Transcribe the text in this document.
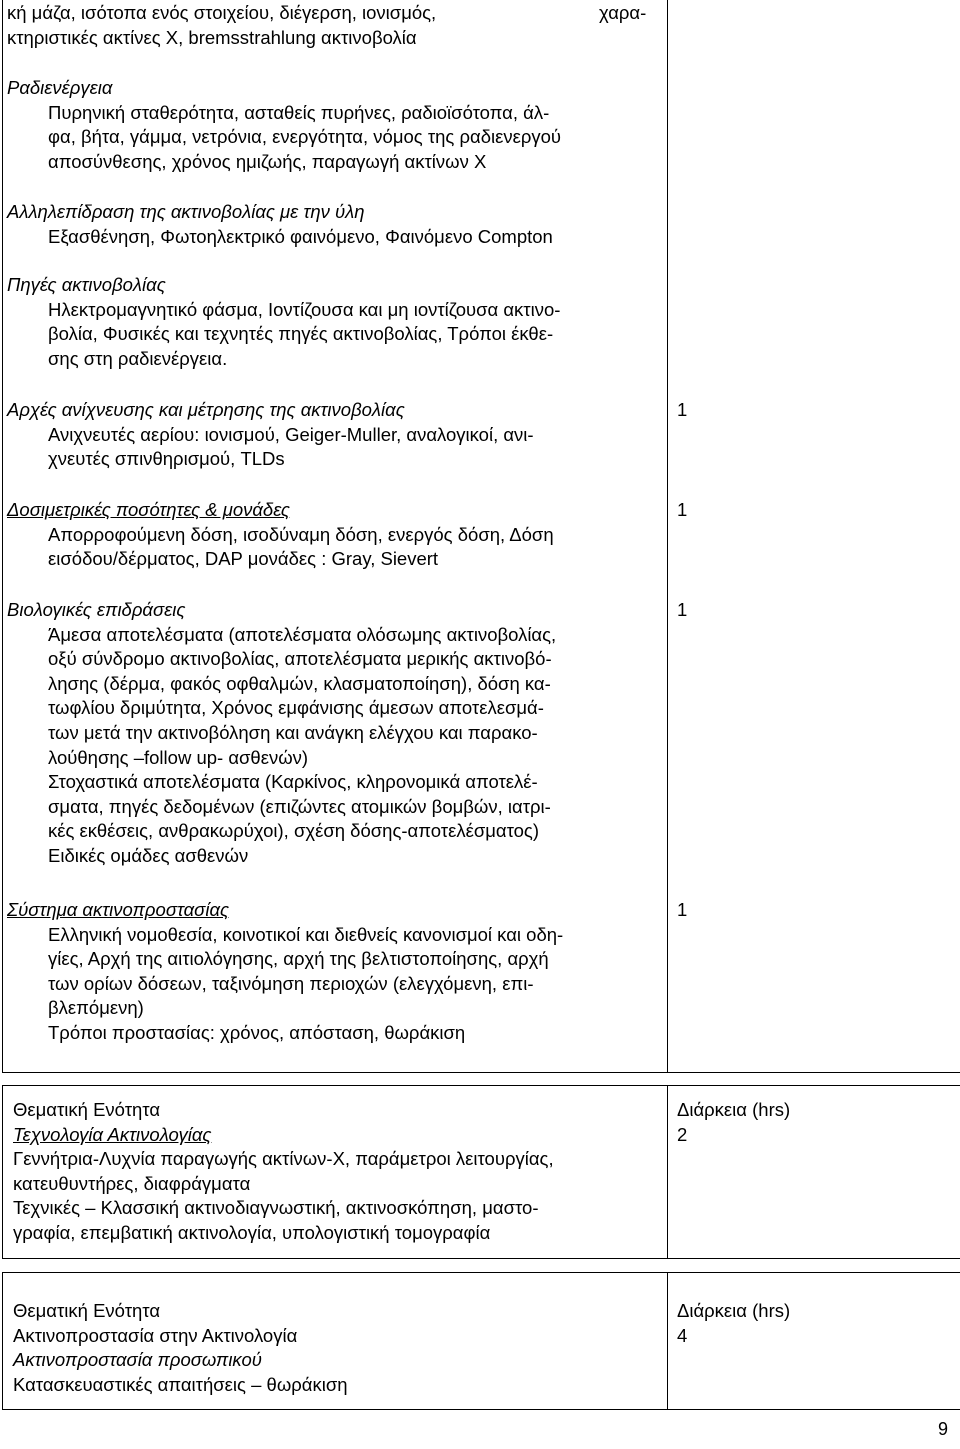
κή μάζα, ισότοπα ενός στοιχείου, διέγερση, ιονισμός,	χαρα-
κτηριστικές ακτίνες Χ, bremsstrahlung ακτινοβολία
Ραδιενέργεια
Πυρηνική σταθερότητα, ασταθείς πυρήνες, ραδιοϊσότοπα, άλ-
φα, βήτα, γάμμα, νετρόνια, ενεργότητα, νόμος της ραδιενεργού
αποσύνθεσης, χρόνος ημιζωής, παραγωγή ακτίνων Χ
Αλληλεπίδραση της ακτινοβολίας με την ύλη
Εξασθένηση, Φωτοηλεκτρικό φαινόμενο, Φαινόμενο Compton
Πηγές ακτινοβολίας
Ηλεκτρομαγνητικό φάσμα, Ιοντίζουσα και μη ιοντίζουσα ακτινο-
βολία, Φυσικές και τεχνητές πηγές ακτινοβολίας, Τρόποι έκθε-
σης στη ραδιενέργεια.
Αρχές ανίχνευσης και μέτρησης της ακτινοβολίας
Ανιχνευτές αερίου: ιονισμού, Geiger-Muller, αναλογικοί, ανι-
χνευτές σπινθηρισμού, TLDs
1
Δοσιμετρικές ποσότητες & μονάδες
Απορροφούμενη δόση, ισοδύναμη δόση, ενεργός δόση, Δόση
εισόδου/δέρματος, DAP μονάδες : Gray, Sievert
1
Βιολογικές επιδράσεις
Άμεσα αποτελέσματα (αποτελέσματα ολόσωμης ακτινοβολίας,
οξύ σύνδρομο ακτινοβολίας, αποτελέσματα μερικής ακτινοβό-
λησης (δέρμα, φακός οφθαλμών, κλασματοποίηση), δόση κα-
τωφλίου δριμύτητα, Χρόνος εμφάνισης άμεσων αποτελεσμά-
των μετά την ακτινοβόληση και ανάγκη ελέγχου και παρακο-
λούθησης –follow up- ασθενών)
Στοχαστικά αποτελέσματα (Καρκίνος, κληρονομικά αποτελέ-
σματα, πηγές δεδομένων (επιζώντες ατομικών βομβών, ιατρι-
κές εκθέσεις, ανθρακωρύχοι), σχέση δόσης-αποτελέσματος)
Ειδικές ομάδες ασθενών
1
Σύστημα ακτινοπροστασίας
Ελληνική νομοθεσία, κοινοτικοί και διεθνείς κανονισμοί και οδη-
γίες, Αρχή της αιτιολόγησης, αρχή της βελτιστοποίησης, αρχή
των ορίων δόσεων, ταξινόμηση περιοχών (ελεγχόμενη, επι-
βλεπόμενη)
Τρόποι προστασίας: χρόνος, απόσταση, θωράκιση
1
Θεματική Ενότητα
Τεχνολογία Ακτινολογίας
Γεννήτρια-Λυχνία παραγωγής ακτίνων-Χ, παράμετροι λειτουργίας,
κατευθυντήρες, διαφράγματα
Τεχνικές – Κλασσική ακτινοδιαγνωστική, ακτινοσκόπηση, μαστο-
γραφία, επεμβατική ακτινολογία, υπολογιστική τομογραφία
Διάρκεια (hrs)
2
Θεματική Ενότητα
Ακτινοπροστασία στην Ακτινολογία
Ακτινοπροστασία προσωπικού
Κατασκευαστικές απαιτήσεις – θωράκιση
Διάρκεια (hrs)
4
9
